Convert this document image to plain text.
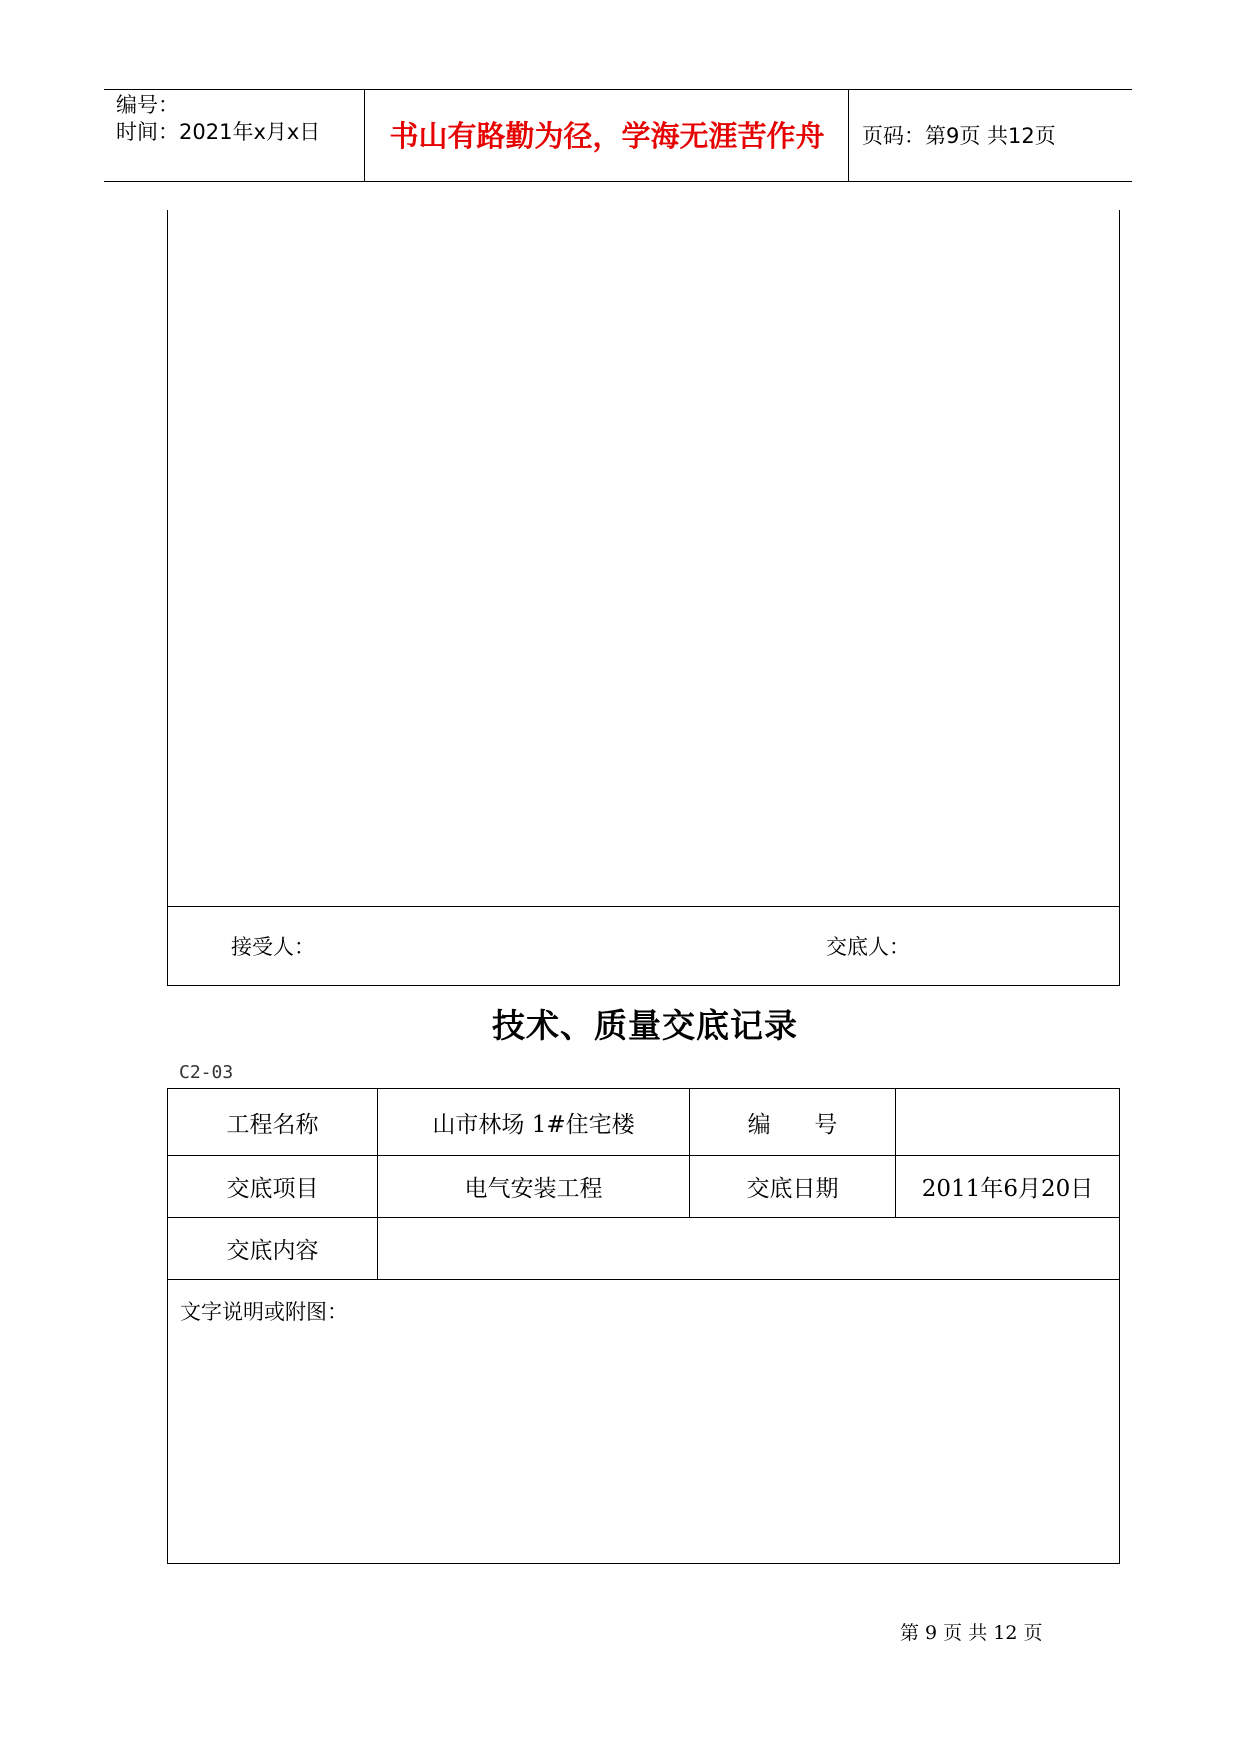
编号：
时间：2021年x月x日	书山有路勤为径，学海无涯苦作舟	页码：第9页 共12页
接受人：	交底人：
技术、质量交底记录
C2-03
工程名称	山市林场 1#住宅楼	编      号
交底项目	电气安装工程	交底日期	2011年6月20日
交底内容
文字说明或附图：
第 9 页 共 12 页
